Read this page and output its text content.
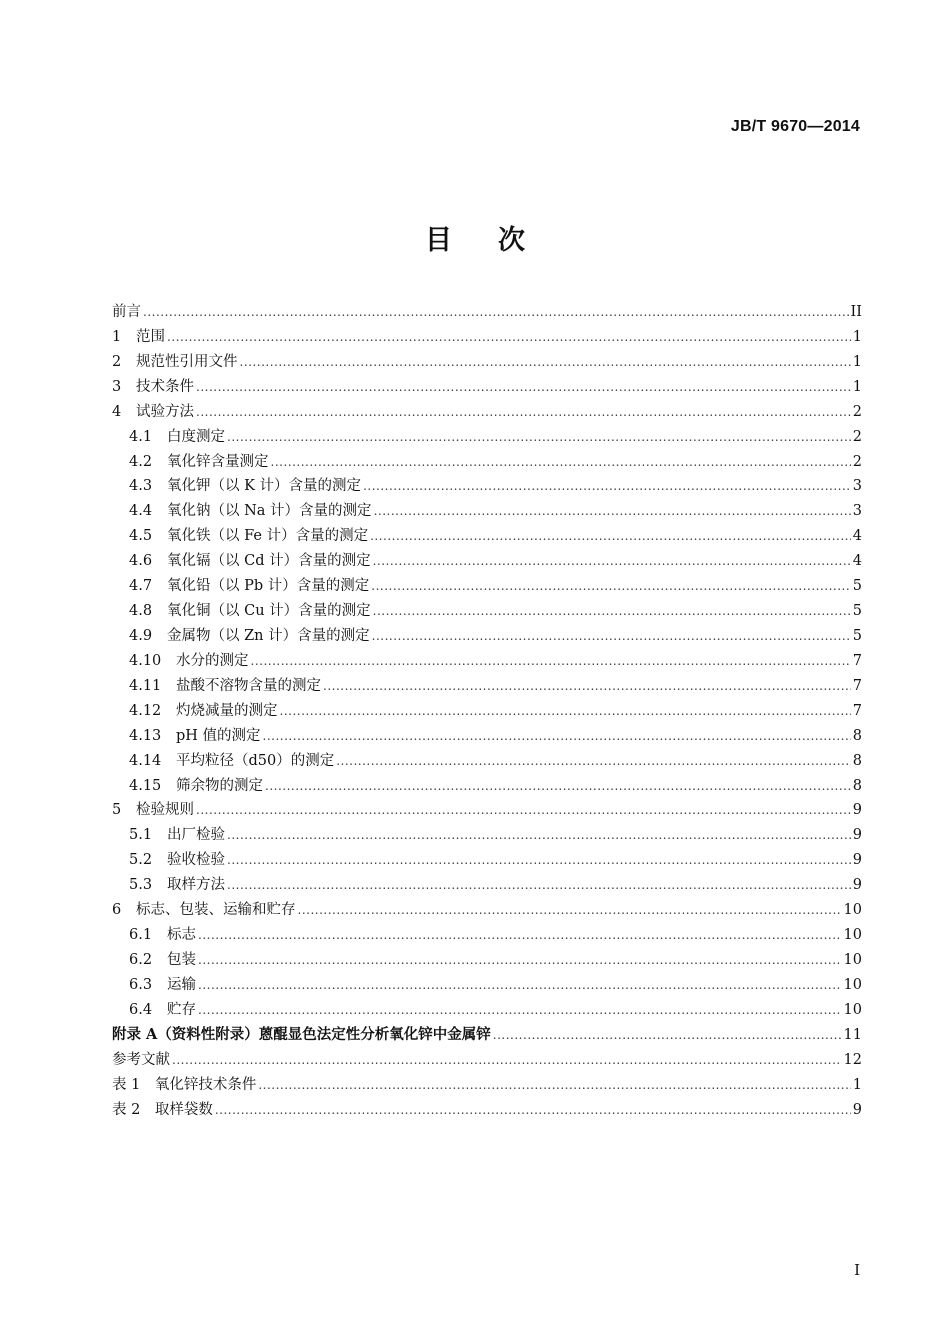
JB/T 9670—2014
目次
前言 .....	II
1	范围 .....	1
2	规范性引用文件 .....	1
3	技术条件 .....	1
4	试验方法 .....	2
4.1	白度测定 .....	2
4.2	氧化锌含量测定 .....	2
4.3	氧化钾（以 K 计）含量的测定 .....	3
4.4	氧化钠（以 Na 计）含量的测定 .....	3
4.5	氧化铁（以 Fe 计）含量的测定 .....	4
4.6	氧化镉（以 Cd 计）含量的测定 .....	4
4.7	氧化铅（以 Pb 计）含量的测定 .....	5
4.8	氧化铜（以 Cu 计）含量的测定 .....	5
4.9	金属物（以 Zn 计）含量的测定 .....	5
4.10	水分的测定 .....	7
4.11	盐酸不溶物含量的测定 .....	7
4.12	灼烧减量的测定 .....	7
4.13	pH 值的测定 .....	8
4.14	平均粒径（d50）的测定 .....	8
4.15	筛余物的测定 .....	8
5	检验规则 .....	9
5.1	出厂检验 .....	9
5.2	验收检验 .....	9
5.3	取样方法 .....	9
6	标志、包装、运输和贮存 .....	10
6.1	标志 .....	10
6.2	包装 .....	10
6.3	运输 .....	10
6.4	贮存 .....	10
附录 A（资料性附录）蒽醌显色法定性分析氧化锌中金属锌 .....	11
参考文献 .....	12
表 1　氧化锌技术条件 .....	1
表 2　取样袋数 .....	9
I
